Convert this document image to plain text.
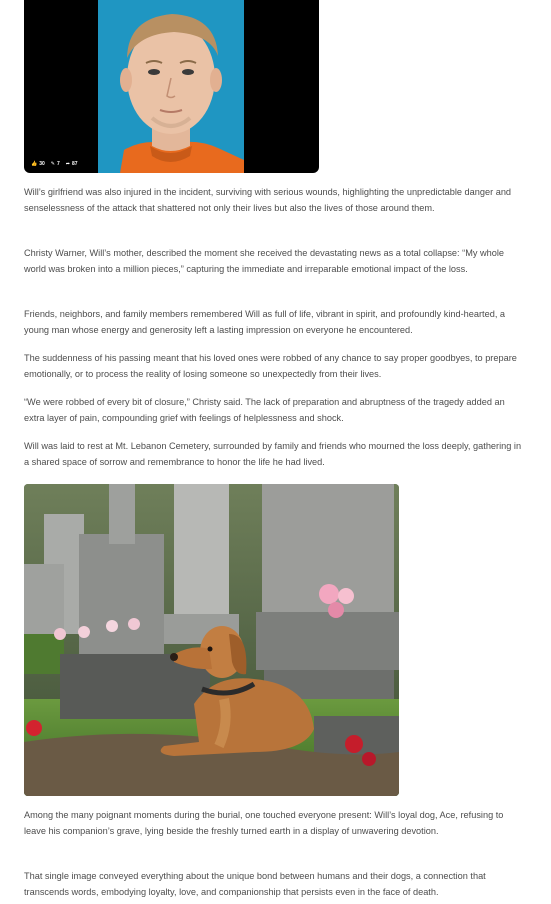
👍 30 ✎ 7 ➦ 87

Will’s girlfriend was also injured in the incident, surviving with serious wounds, highlighting the unpredictable danger and senselessness of the attack that shattered not only their lives but also the lives of those around them.

Christy Warner, Will’s mother, described the moment she received the devastating news as a total collapse: “My whole world was broken into a million pieces,” capturing the immediate and irreparable emotional impact of the loss.

Friends, neighbors, and family members remembered Will as full of life, vibrant in spirit, and profoundly kind-hearted, a young man whose energy and generosity left a lasting impression on everyone he encountered.

The suddenness of his passing meant that his loved ones were robbed of any chance to say proper goodbyes, to prepare emotionally, or to process the reality of losing someone so unexpectedly from their lives.

“We were robbed of every bit of closure,” Christy said. The lack of preparation and abruptness of the tragedy added an extra layer of pain, compounding grief with feelings of helplessness and shock.

Will was laid to rest at Mt. Lebanon Cemetery, surrounded by family and friends who mourned the loss deeply, gathering in a shared space of sorrow and remembrance to honor the life he had lived.

Among the many poignant moments during the burial, one touched everyone present: Will’s loyal dog, Ace, refusing to leave his companion’s grave, lying beside the freshly turned earth in a display of unwavering devotion.

That single image conveyed everything about the unique bond between humans and their dogs, a connection that transcends words, embodying loyalty, love, and companionship that persists even in the face of death.
